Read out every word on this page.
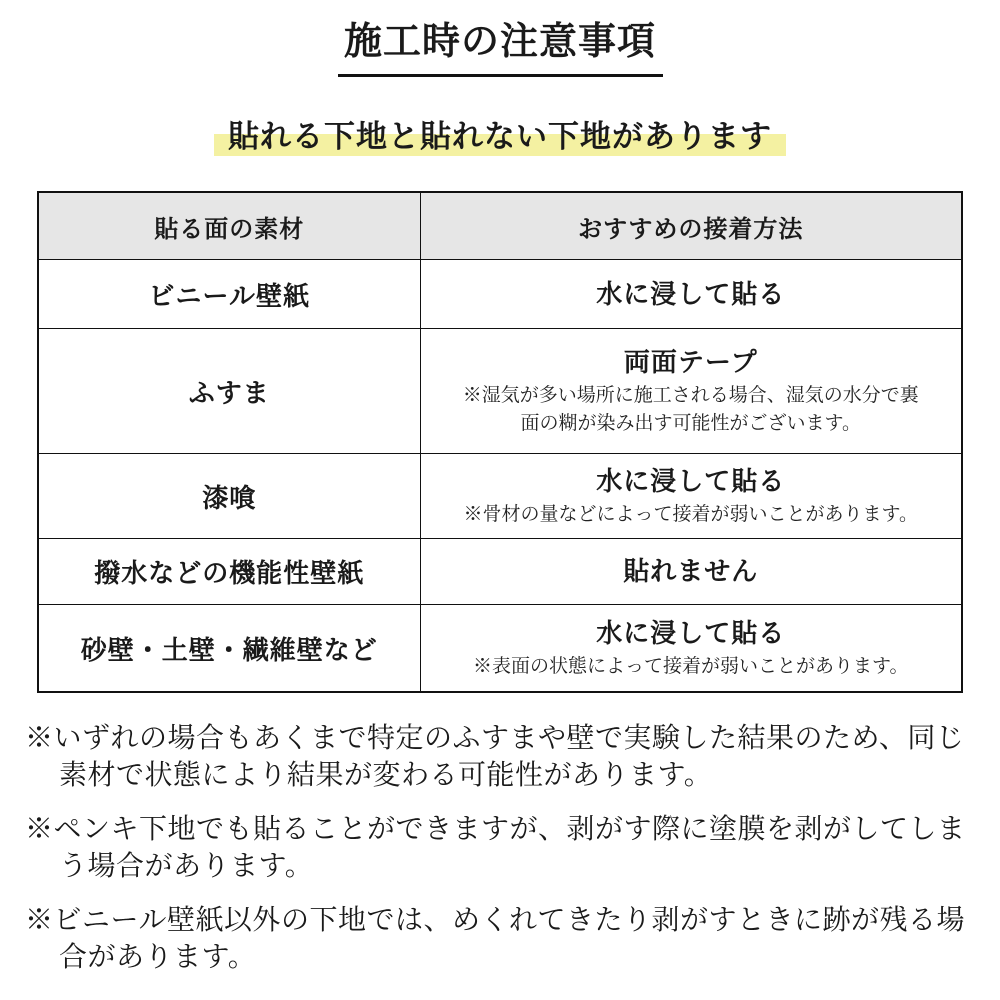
施工時の注意事項
貼れる下地と貼れない下地があります
貼る面の素材	おすすめの接着方法
ビニール壁紙	水に浸して貼る

ふすま	両面テープ
※湿気が多い場所に施工される場合、湿気の水分で裏面の糊が染み出す可能性がございます。

漆喰	水に浸して貼る
※骨材の量などによって接着が弱いことがあります。

撥水などの機能性壁紙	貼れません

砂壁・土壁・繊維壁など	水に浸して貼る
※表面の状態によって接着が弱いことがあります。

※いずれの場合もあくまで特定のふすまや壁で実験した結果のため、同じ素材で状態により結果が変わる可能性があります。

※ペンキ下地でも貼ることができますが、剥がす際に塗膜を剥がしてしまう場合があります。

※ビニール壁紙以外の下地では、めくれてきたり剥がすときに跡が残る場合があります。
